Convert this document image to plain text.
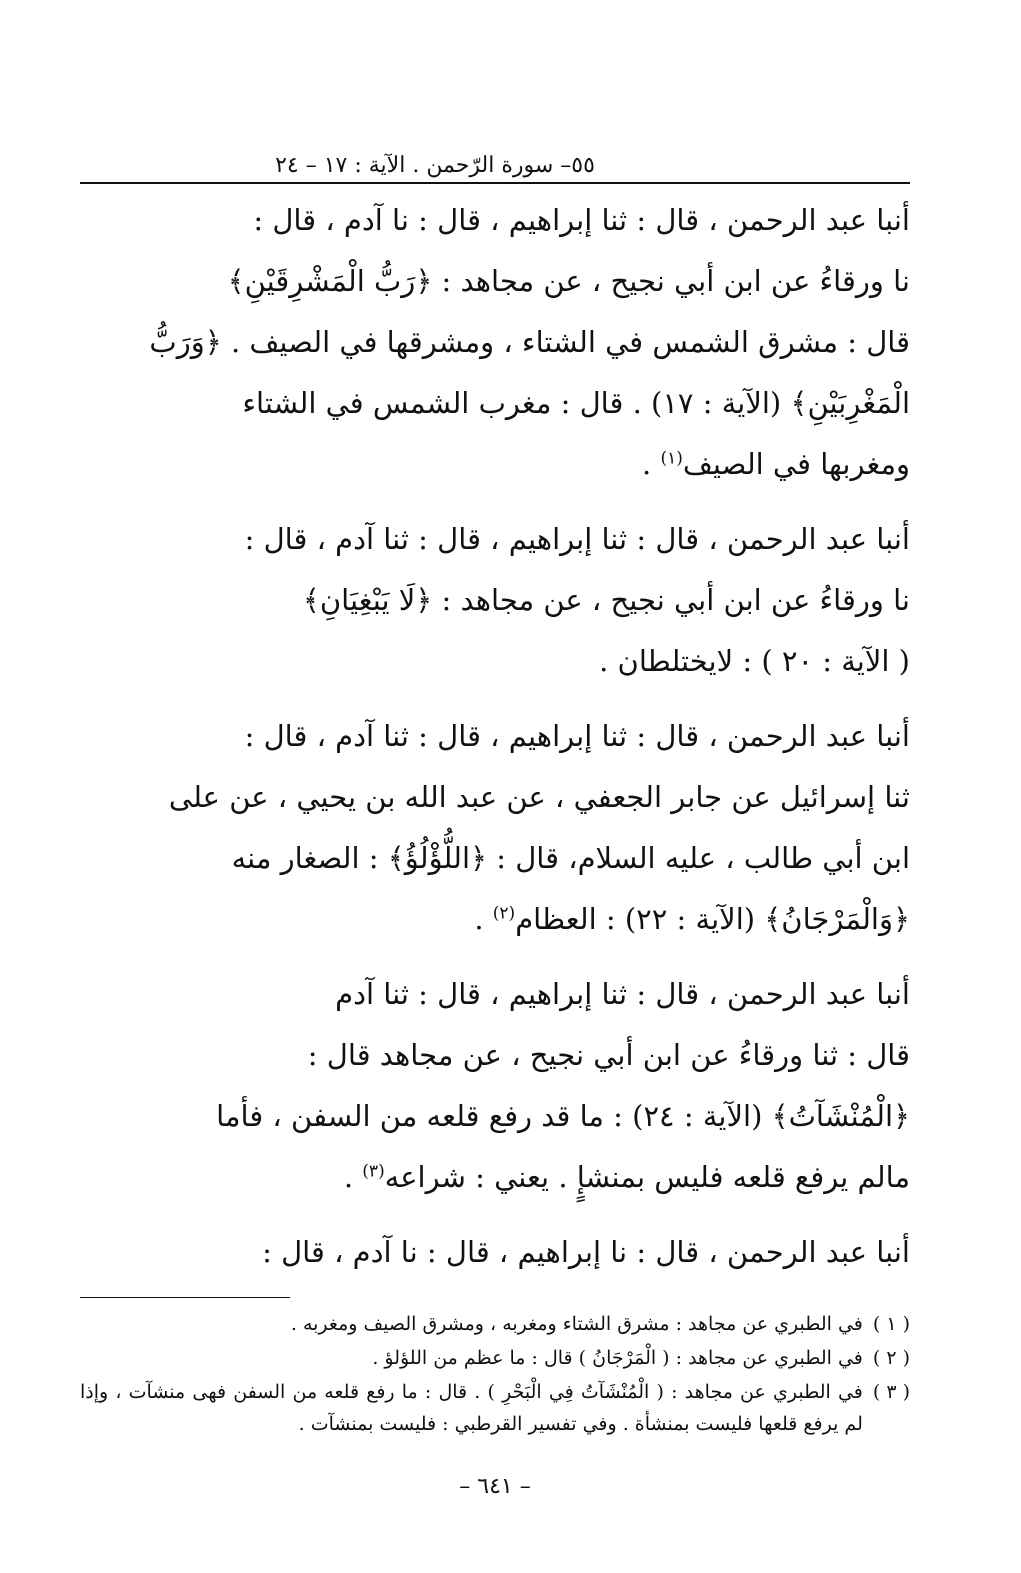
٥٥– سورة الرّحمن . الآية : ١٧ – ٢٤

أنبا عبد الرحمن ، قال : ثنا إبراهيم ، قال : نا آدم ، قال :

نا ورقاءُ عن ابن أبي نجيح ، عن مجاهد : ﴿رَبُّ الْمَشْرِقَيْنِ﴾

قال : مشرق الشمس في الشتاء ، ومشرقها في الصيف . ﴿وَرَبُّ

الْمَغْرِبَيْنِ﴾ (الآية : ١٧) . قال : مغرب الشمس في الشتاء

ومغربها في الصيف$^{(١)}$ .

أنبا عبد الرحمن ، قال : ثنا إبراهيم ، قال : ثنا آدم ، قال :

نا ورقاءُ عن ابن أبي نجيح ، عن مجاهد : ﴿لَا يَبْغِيَانِ﴾

( الآية : ٢٠ ) : لايختلطان .

أنبا عبد الرحمن ، قال : ثنا إبراهيم ، قال : ثنا آدم ، قال :

ثنا إسرائيل عن جابر الجعفي ، عن عبد الله بن يحيي ، عن على

ابن أبي طالب ، عليه السلام، قال : ﴿اللُّؤْلُؤُ﴾ : الصغار منه

﴿وَالْمَرْجَانُ﴾ (الآية : ٢٢) : العظام$^{(٢)}$ .

أنبا عبد الرحمن ، قال : ثنا إبراهيم ، قال : ثنا آدم

قال : ثنا ورقاءُ عن ابن أبي نجيح ، عن مجاهد قال :

﴿الْمُنْشَآتُ﴾ (الآية : ٢٤) : ما قد رفع قلعه من السفن ، فأما

مالم يرفع قلعه فليس بمنشإٍ . يعني : شراعه$^{(٣)}$ .

أنبا عبد الرحمن ، قال : نا إبراهيم ، قال : نا آدم ، قال :

( ١ )
في الطبري عن مجاهد : مشرق الشتاء ومغربه ، ومشرق الصيف ومغربه .
( ٢ )
في الطبري عن مجاهد : ( الْمَرْجَانُ ) قال : ما عظم من اللؤلؤ .
( ٣ )
في الطبري عن مجاهد : ( الْمُنْشَآتُ فِي الْبَحْرِ ) . قال : ما رفع قلعه من السفن فهى منشآت ، وإذا لم يرفع قلعها فليست بمنشأة . وفي تفسير القرطبي : فليست بمنشآت .
– ٦٤١ –
